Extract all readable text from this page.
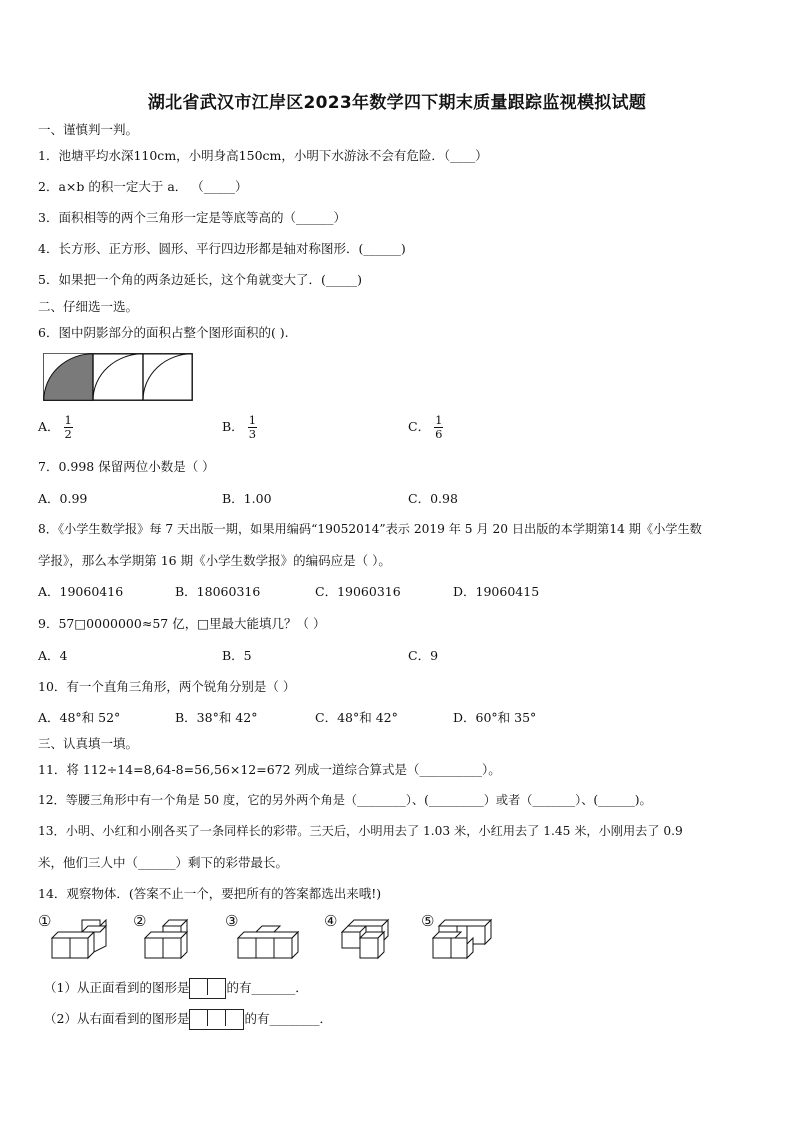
湖北省武汉市江岸区2023年数学四下期末质量跟踪监视模拟试题
一、谨慎判一判。
1．池塘平均水深110cm，小明身高150cm，小明下水游泳不会有危险．（____）
2．a×b 的积一定大于 a． （_____）
3．面积相等的两个三角形一定是等底等高的（______）
4．长方形、正方形、圆形、平行四边形都是轴对称图形．(______)
5．如果把一个角的两条边延长，这个角就变大了．(_____)
二、仔细选一选。
6．图中阴影部分的面积占整个图形面积的( ).
A． $\frac{1}{2}$	B． $\frac{1}{3}$	C． $\frac{1}{6}$
7．0.998 保留两位小数是（ ）
A．0.99	B．1.00	C．0.98
8．《小学生数学报》每 7 天出版一期，如果用编码“19052014”表示 2019 年 5 月 20 日出版的本学期第14 期《小学生数
学报》，那么本学期第 16 期《小学生数学报》的编码应是（ ）。
A．19060416	B．18060316	C．19060316	D．19060415
9．57□0000000≈57 亿，□里最大能填几？（ ）
A．4	B．5	C．9
10．有一个直角三角形，两个锐角分别是（ ）
A．48°和 52°	B．38°和 42°	C．48°和 42°	D．60°和 35°
三、认真填一填。
11．将 112÷14=8,64-8=56,56×12=672 列成一道综合算式是（__________）。
12．等腰三角形中有一个角是 50 度，它的另外两个角是（________）、(_________）或者（_______）、(______)。
13．小明、小红和小刚各买了一条同样长的彩带。三天后，小明用去了 1.03 米，小红用去了 1.45 米，小刚用去了 0.9
米，他们三人中（______）剩下的彩带最长。
14．观察物体．(答案不止一个，要把所有的答案都选出来哦!)
①	②	③	④	⑤
（1）从正面看到的图形是	的有_______．
（2）从右面看到的图形是	的有________．
